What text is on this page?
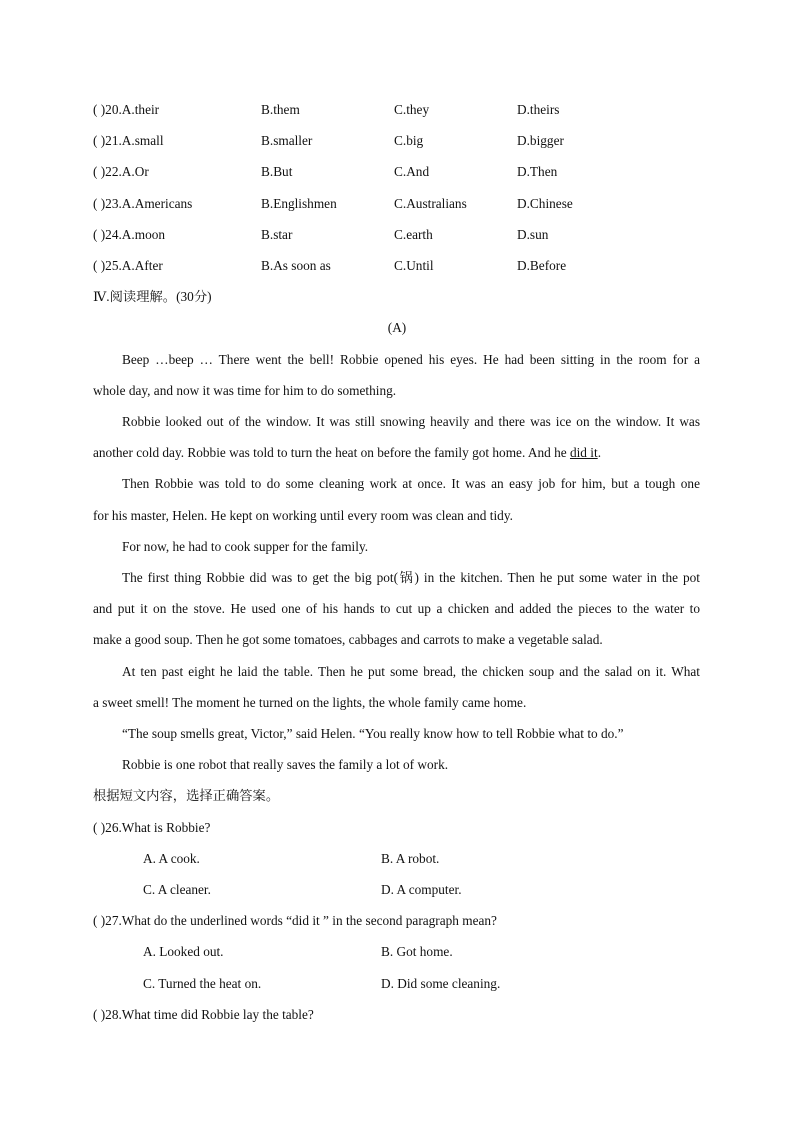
( )20.A.their	B.them	C.they	D.theirs
( )21.A.small	B.smaller	C.big	D.bigger
( )22.A.Or	B.But	C.And	D.Then
( )23.A.Americans	B.Englishmen	C.Australians	D.Chinese
( )24.A.moon	B.star	C.earth	D.sun
( )25.A.After	B.As soon as	C.Until	D.Before
Ⅳ.阅读理解。(30分)
(A)
Beep …beep … There went the bell! Robbie opened his eyes. He had been sitting in the room for a
whole day, and now it was time for him to do something.
Robbie looked out of the window. It was still snowing heavily and there was ice on the window. It was
another cold day. Robbie was told to turn the heat on before the family got home. And he did it.
Then Robbie was told to do some cleaning work at once. It was an easy job for him, but a tough one
for his master, Helen. He kept on working until every room was clean and tidy.
For now, he had to cook supper for the family.
The first thing Robbie did was to get the big pot(锅) in the kitchen. Then he put some water in the pot
and put it on the stove. He used one of his hands to cut up a chicken and added the pieces to the water to
make a good soup. Then he got some tomatoes, cabbages and carrots to make a vegetable salad.
At ten past eight he laid the table. Then he put some bread, the chicken soup and the salad on it. What
a sweet smell! The moment he turned on the lights, the whole family came home.
“The soup smells great, Victor,” said Helen. “You really know how to tell Robbie what to do.”
Robbie is one robot that really saves the family a lot of work.
根据短文内容，选择正确答案。
( )26.What is Robbie?
A. A cook.	B. A robot.
C. A cleaner.	D. A computer.
( )27.What do the underlined words “did it ” in the second paragraph mean?
A. Looked out.	B. Got home.
C. Turned the heat on.	D. Did some cleaning.
( )28.What time did Robbie lay the table?
